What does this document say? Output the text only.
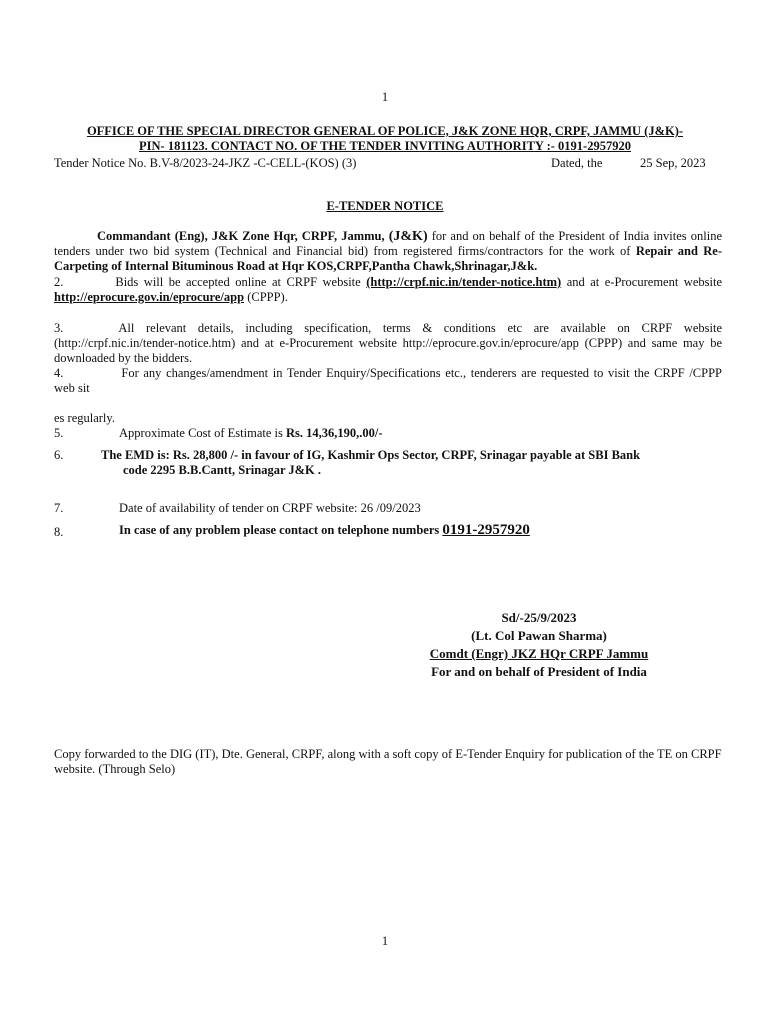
1
OFFICE OF THE SPECIAL DIRECTOR GENERAL OF POLICE, J&K ZONE HQR, CRPF, JAMMU (J&K)-
PIN- 181123. CONTACT NO. OF THE TENDER INVITING AUTHORITY :- 0191-2957920
Tender Notice No. B.V-8/2023-24-JKZ -C-CELL-(KOS) (3)	Dated, the	25 Sep, 2023
E-TENDER NOTICE
Commandant (Eng), J&K Zone Hqr, CRPF, Jammu, (J&K) for and on behalf of the President of India invites online tenders under two bid system (Technical and Financial bid) from registered firms/contractors for the work of Repair and Re-Carpeting of Internal Bituminous Road at Hqr KOS,CRPF,Pantha Chawk,Shrinagar,J&k.
2.	Bids will be accepted online at CRPF website (http://crpf.nic.in/tender-notice.htm) and at e-Procurement website http://eprocure.gov.in/eprocure/app (CPPP).
3.	All relevant details, including specification, terms & conditions etc are available on CRPF website (http://crpf.nic.in/tender-notice.htm) and at e-Procurement website http://eprocure.gov.in/eprocure/app (CPPP) and same may be downloaded by the bidders.
4.	For any changes/amendment in Tender Enquiry/Specifications etc., tenderers are requested to visit the CRPF /CPPP web sit
es regularly.
5.	Approximate Cost of Estimate is Rs. 14,36,190,.00/-
6.	The EMD is: Rs. 28,800 /- in favour of IG, Kashmir Ops Sector, CRPF, Srinagar payable at SBI Bank
code 2295 B.B.Cantt, Srinagar J&K .
7.	Date of availability of tender on CRPF website: 26 /09/2023
8.	In case of any problem please contact on telephone numbers 0191-2957920
Sd/-25/9/2023
(Lt. Col Pawan Sharma)
Comdt (Engr) JKZ HQr CRPF Jammu
For and on behalf of President of India
Copy forwarded to the DIG (IT), Dte. General, CRPF, along with a soft copy of E-Tender Enquiry for publication of the TE on CRPF website. (Through Selo)
1
